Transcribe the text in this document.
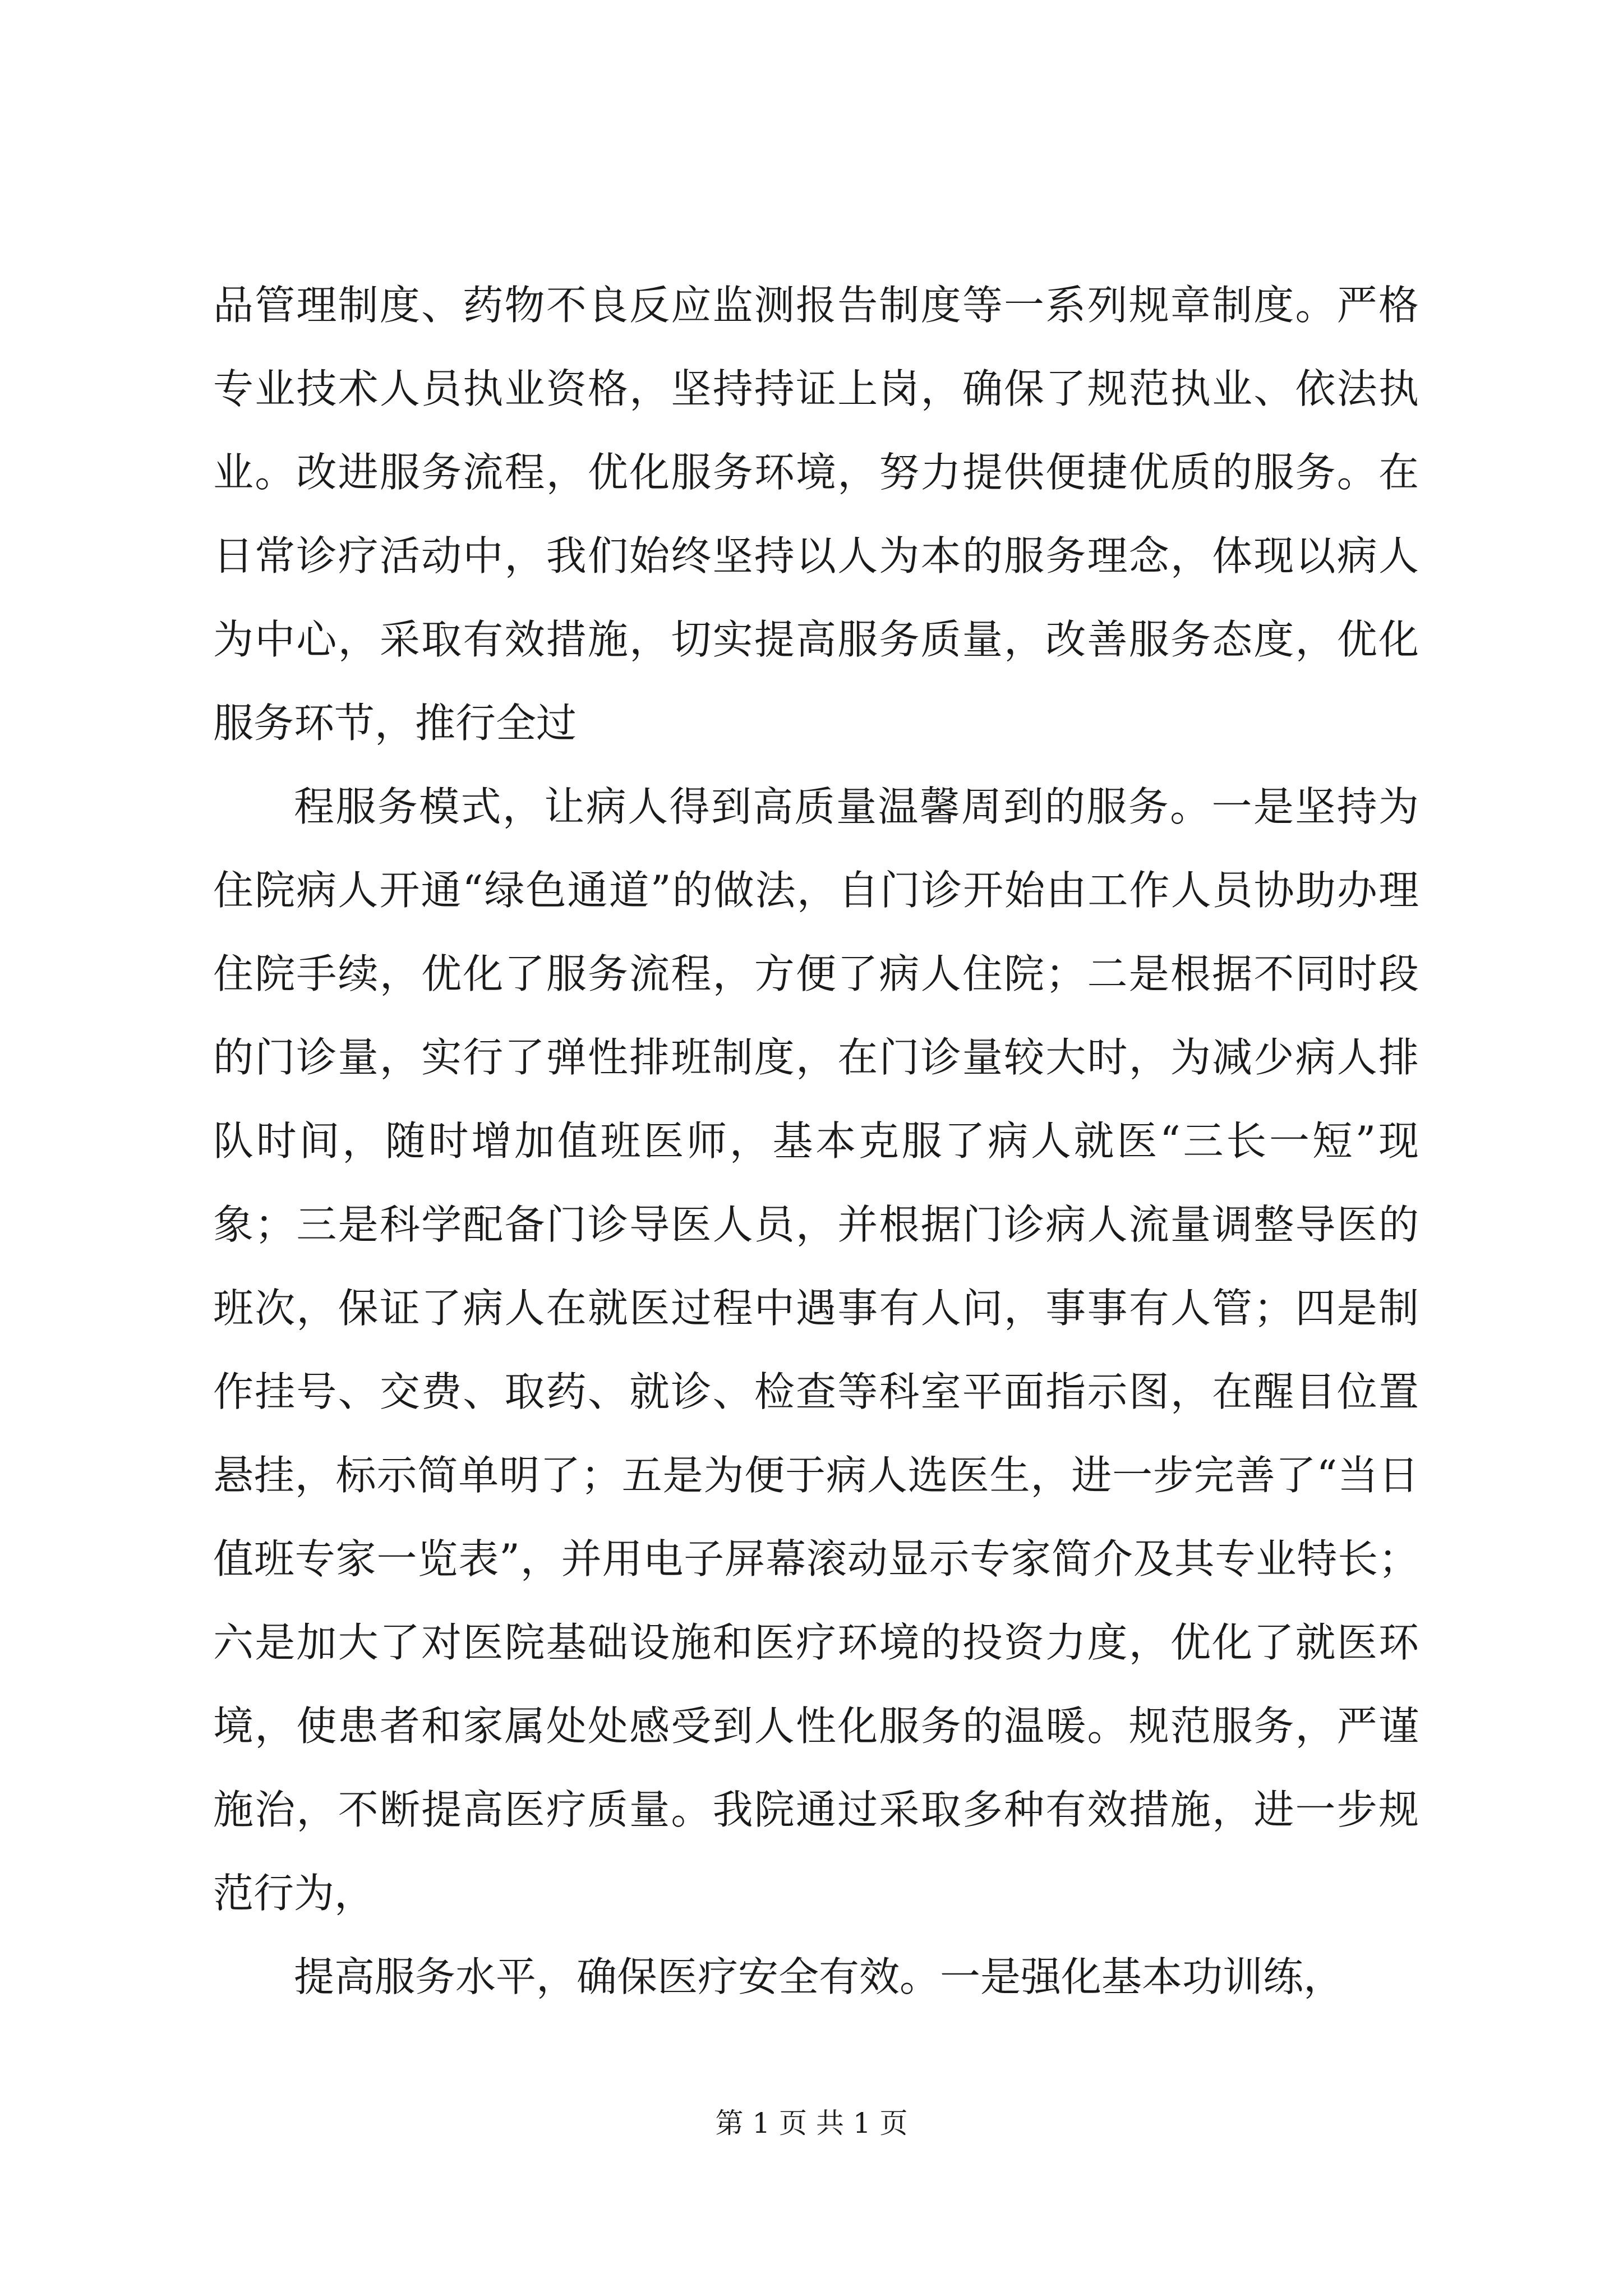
品管理制度、药物不良反应监测报告制度等一系列规章制度。严格专业技术人员执业资格，坚持持证上岗，确保了规范执业、依法执业。改进服务流程，优化服务环境，努力提供便捷优质的服务。在日常诊疗活动中，我们始终坚持以人为本的服务理念，体现以病人为中心，采取有效措施，切实提高服务质量，改善服务态度，优化服务环节，推行全过

程服务模式，让病人得到高质量温馨周到的服务。一是坚持为住院病人开通“绿色通道”的做法，自门诊开始由工作人员协助办理住院手续，优化了服务流程，方便了病人住院；二是根据不同时段的门诊量，实行了弹性排班制度，在门诊量较大时，为减少病人排队时间，随时增加值班医师，基本克服了病人就医“三长一短”现象；三是科学配备门诊导医人员，并根据门诊病人流量调整导医的班次，保证了病人在就医过程中遇事有人问，事事有人管；四是制作挂号、交费、取药、就诊、检查等科室平面指示图，在醒目位置悬挂，标示简单明了；五是为便于病人选医生，进一步完善了“当日值班专家一览表”，并用电子屏幕滚动显示专家简介及其专业特长；六是加大了对医院基础设施和医疗环境的投资力度，优化了就医环境，使患者和家属处处感受到人性化服务的温暖。规范服务，严谨施治，不断提高医疗质量。我院通过采取多种有效措施，进一步规范行为，

提高服务水平，确保医疗安全有效。一是强化基本功训练，

第 1 页 共 1 页
